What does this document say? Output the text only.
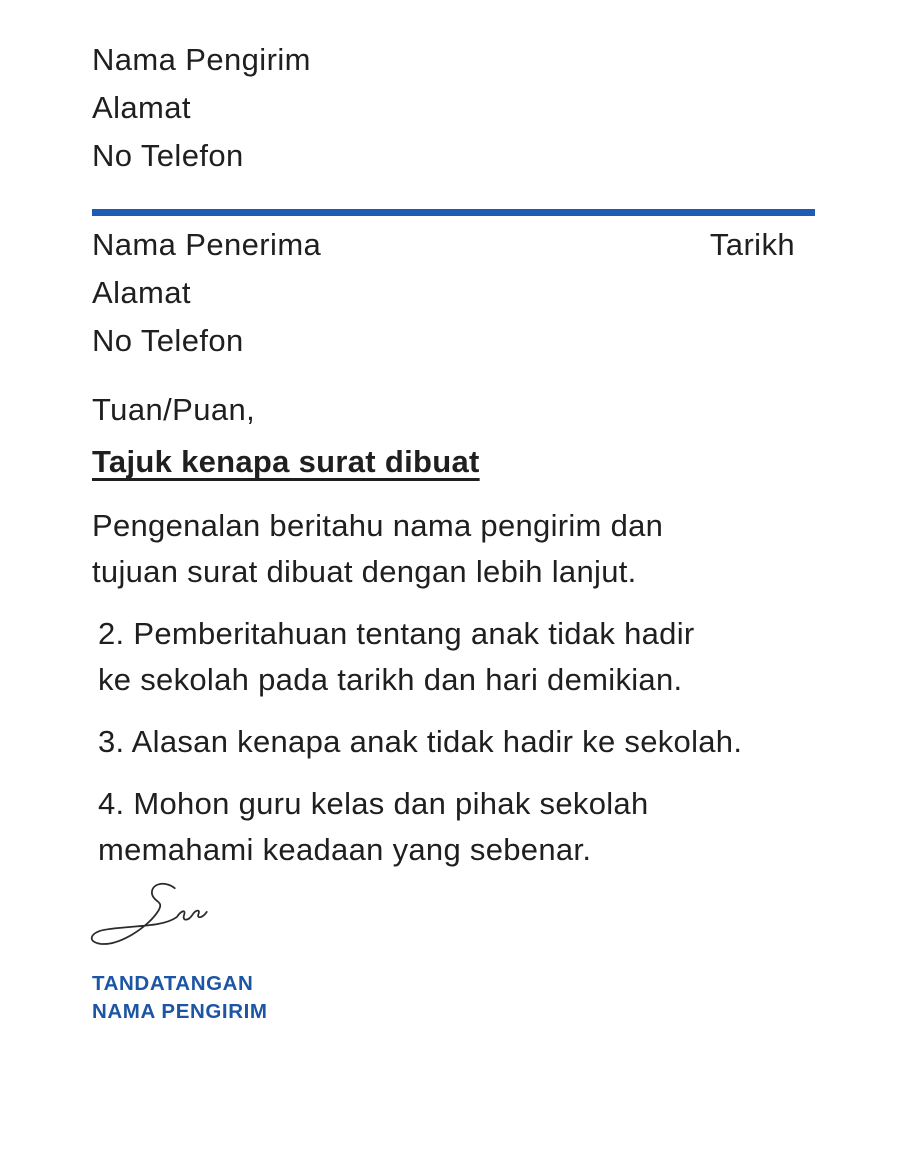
Nama Pengirim
Alamat
No Telefon
Nama Penerima	Tarikh
Alamat
No Telefon
Tuan/Puan,
Tajuk kenapa surat dibuat
Pengenalan beritahu nama pengirim dan
tujuan surat dibuat dengan lebih lanjut.
2. Pemberitahuan tentang anak tidak hadir
ke sekolah pada tarikh dan hari demikian.
3. Alasan kenapa anak tidak hadir ke sekolah.
4. Mohon guru kelas dan pihak sekolah
memahami keadaan yang sebenar.
TANDATANGAN
NAMA PENGIRIM
